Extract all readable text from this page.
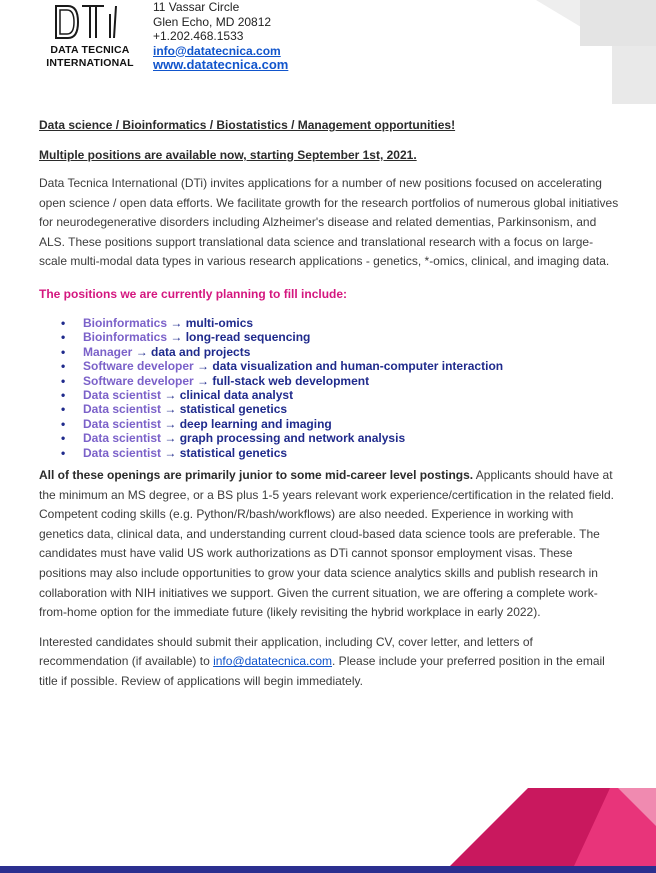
DATA TECNICA
INTERNATIONAL
11 Vassar Circle
Glen Echo, MD 20812
+1.202.468.1533
info@datatecnica.com
www.datatecnica.com
Data science / Bioinformatics / Biostatistics / Management opportunities!
Multiple positions are available now, starting September 1st, 2021.

Data Tecnica International (DTi) invites applications for a number of new positions focused on accelerating open science / open data efforts. We facilitate growth for the research portfolios of numerous global initiatives for neurodegenerative disorders including Alzheimer's disease and related dementias, Parkinsonism, and ALS. These positions support translational data science and translational research with a focus on large-scale multi-modal data types in various research applications - genetics, *-omics, clinical, and imaging data.

The positions we are currently planning to fill include:
• Bioinformatics → multi-omics
• Bioinformatics → long-read sequencing
• Manager → data and projects
• Software developer → data visualization and human-computer interaction
• Software developer → full-stack web development
• Data scientist → clinical data analyst
• Data scientist → statistical genetics
• Data scientist → deep learning and imaging
• Data scientist → graph processing and network analysis
• Data scientist → statistical genetics

All of these openings are primarily junior to some mid-career level postings. Applicants should have at the minimum an MS degree, or a BS plus 1-5 years relevant work experience/certification in the related field. Competent coding skills (e.g. Python/R/bash/workflows) are also needed. Experience in working with genetics data, clinical data, and understanding current cloud-based data science tools are preferable. The candidates must have valid US work authorizations as DTi cannot sponsor employment visas. These positions may also include opportunities to grow your data science analytics skills and publish research in collaboration with NIH initiatives we support. Given the current situation, we are offering a complete work-from-home option for the immediate future (likely revisiting the hybrid workplace in early 2022).

Interested candidates should submit their application, including CV, cover letter, and letters of recommendation (if available) to info@datatecnica.com. Please include your preferred position in the email title if possible. Review of applications will begin immediately.
